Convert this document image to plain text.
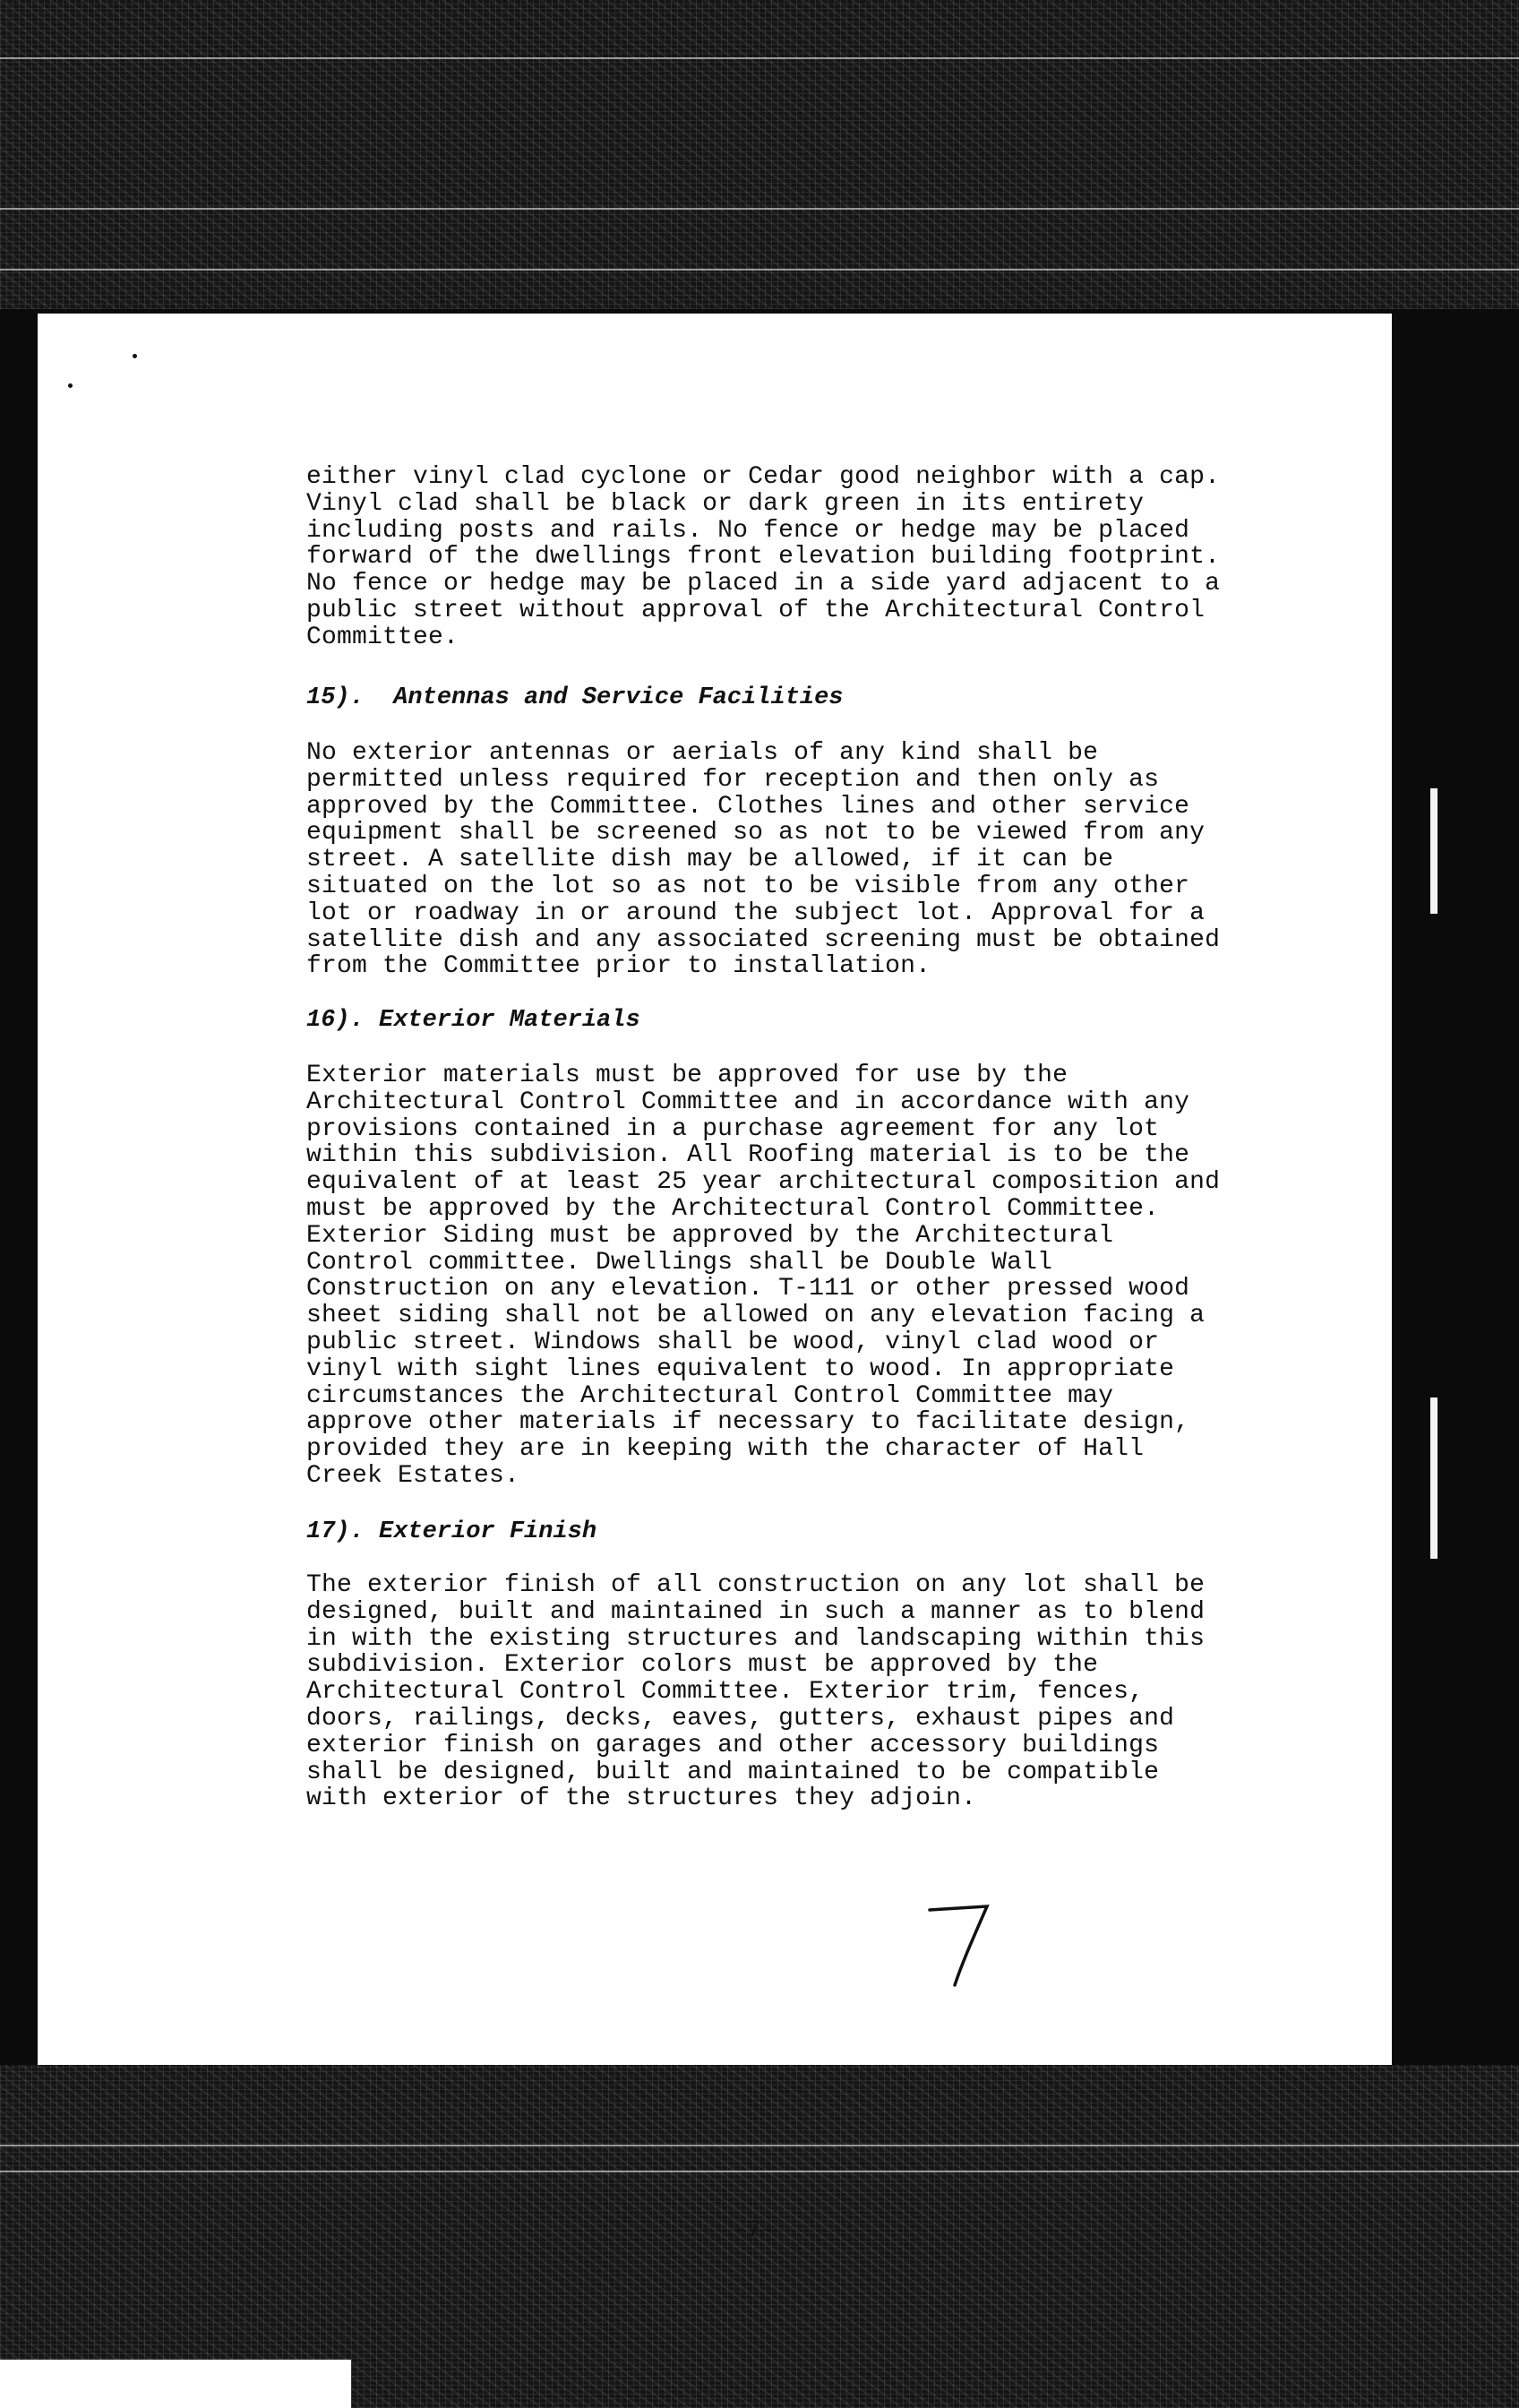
either vinyl clad cyclone or Cedar good neighbor with a cap.
Vinyl clad shall be black or dark green in its entirety
including posts and rails. No fence or hedge may be placed
forward of the dwellings front elevation building footprint.
No fence or hedge may be placed in a side yard adjacent to a
public street without approval of the Architectural Control
Committee.
15).  Antennas and Service Facilities
No exterior antennas or aerials of any kind shall be
permitted unless required for reception and then only as
approved by the Committee. Clothes lines and other service
equipment shall be screened so as not to be viewed from any
street. A satellite dish may be allowed, if it can be
situated on the lot so as not to be visible from any other
lot or roadway in or around the subject lot. Approval for a
satellite dish and any associated screening must be obtained
from the Committee prior to installation.
16). Exterior Materials
Exterior materials must be approved for use by the
Architectural Control Committee and in accordance with any
provisions contained in a purchase agreement for any lot
within this subdivision. All Roofing material is to be the
equivalent of at least 25 year architectural composition and
must be approved by the Architectural Control Committee.
Exterior Siding must be approved by the Architectural
Control committee. Dwellings shall be Double Wall
Construction on any elevation. T-111 or other pressed wood
sheet siding shall not be allowed on any elevation facing a
public street. Windows shall be wood, vinyl clad wood or
vinyl with sight lines equivalent to wood. In appropriate
circumstances the Architectural Control Committee may
approve other materials if necessary to facilitate design,
provided they are in keeping with the character of Hall
Creek Estates.
17). Exterior Finish
The exterior finish of all construction on any lot shall be
designed, built and maintained in such a manner as to blend
in with the existing structures and landscaping within this
subdivision. Exterior colors must be approved by the
Architectural Control Committee. Exterior trim, fences,
doors, railings, decks, eaves, gutters, exhaust pipes and
exterior finish on garages and other accessory buildings
shall be designed, built and maintained to be compatible
with exterior of the structures they adjoin.
-7-
7
